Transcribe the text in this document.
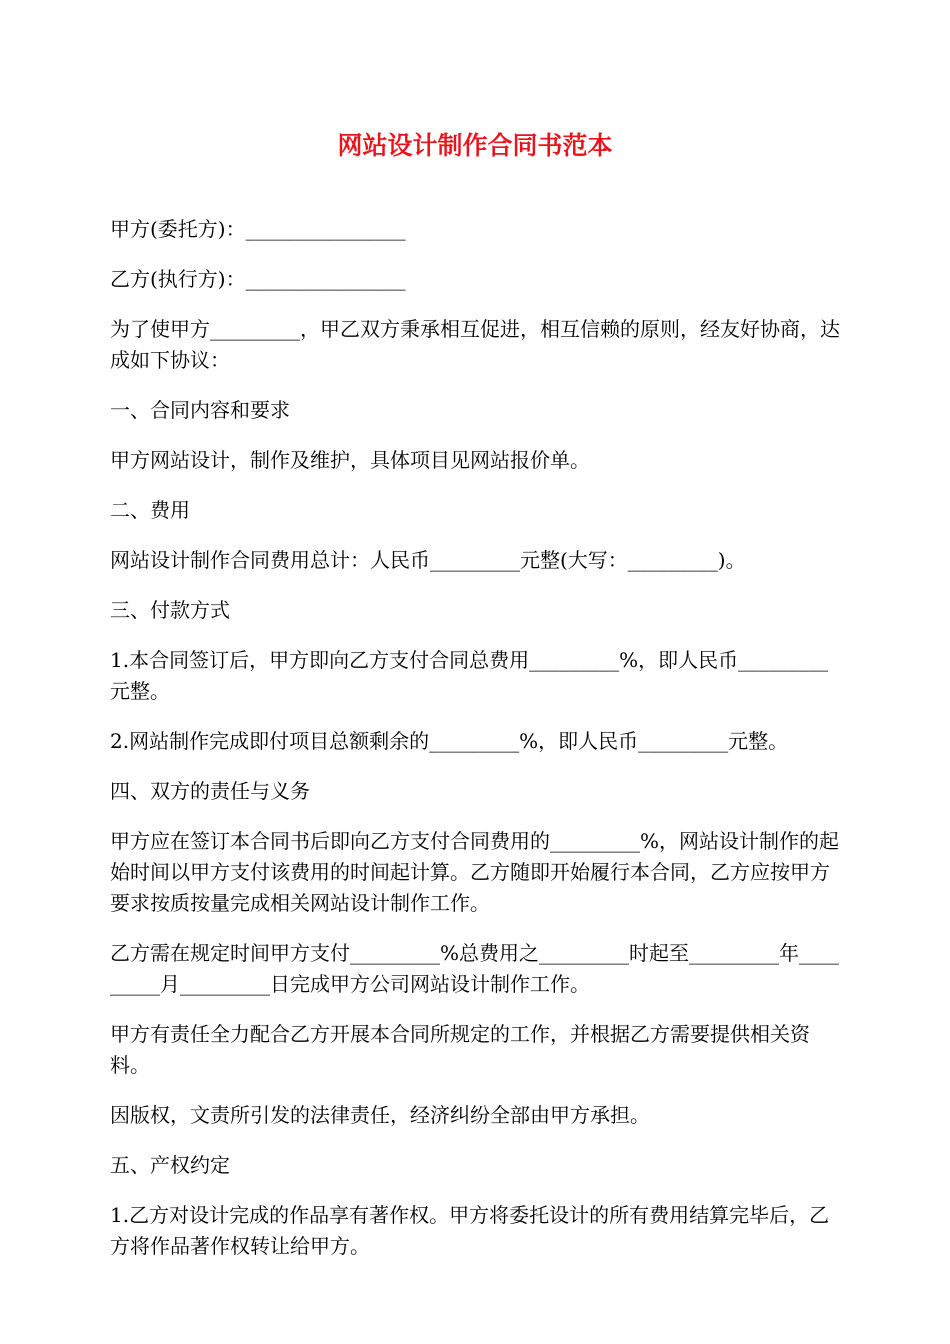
网站设计制作合同书范本

甲方(委托方)：________________

乙方(执行方)：________________

为了使甲方_________，甲乙双方秉承相互促进，相互信赖的原则，经友好协商，达成如下协议：

一、合同内容和要求

甲方网站设计，制作及维护，具体项目见网站报价单。

二、费用

网站设计制作合同费用总计：人民币_________元整(大写：_________)。

三、付款方式

1.本合同签订后，甲方即向乙方支付合同总费用_________%，即人民币_________元整。

2.网站制作完成即付项目总额剩余的_________%，即人民币_________元整。

四、双方的责任与义务

甲方应在签订本合同书后即向乙方支付合同费用的_________%，网站设计制作的起始时间以甲方支付该费用的时间起计算。乙方随即开始履行本合同，乙方应按甲方要求按质按量完成相关网站设计制作工作。

乙方需在规定时间甲方支付_________%总费用之_________时起至_________年_________月_________日完成甲方公司网站设计制作工作。

甲方有责任全力配合乙方开展本合同所规定的工作，并根据乙方需要提供相关资料。

因版权，文责所引发的法律责任，经济纠纷全部由甲方承担。

五、产权约定

1.乙方对设计完成的作品享有著作权。甲方将委托设计的所有费用结算完毕后，乙方将作品著作权转让给甲方。
